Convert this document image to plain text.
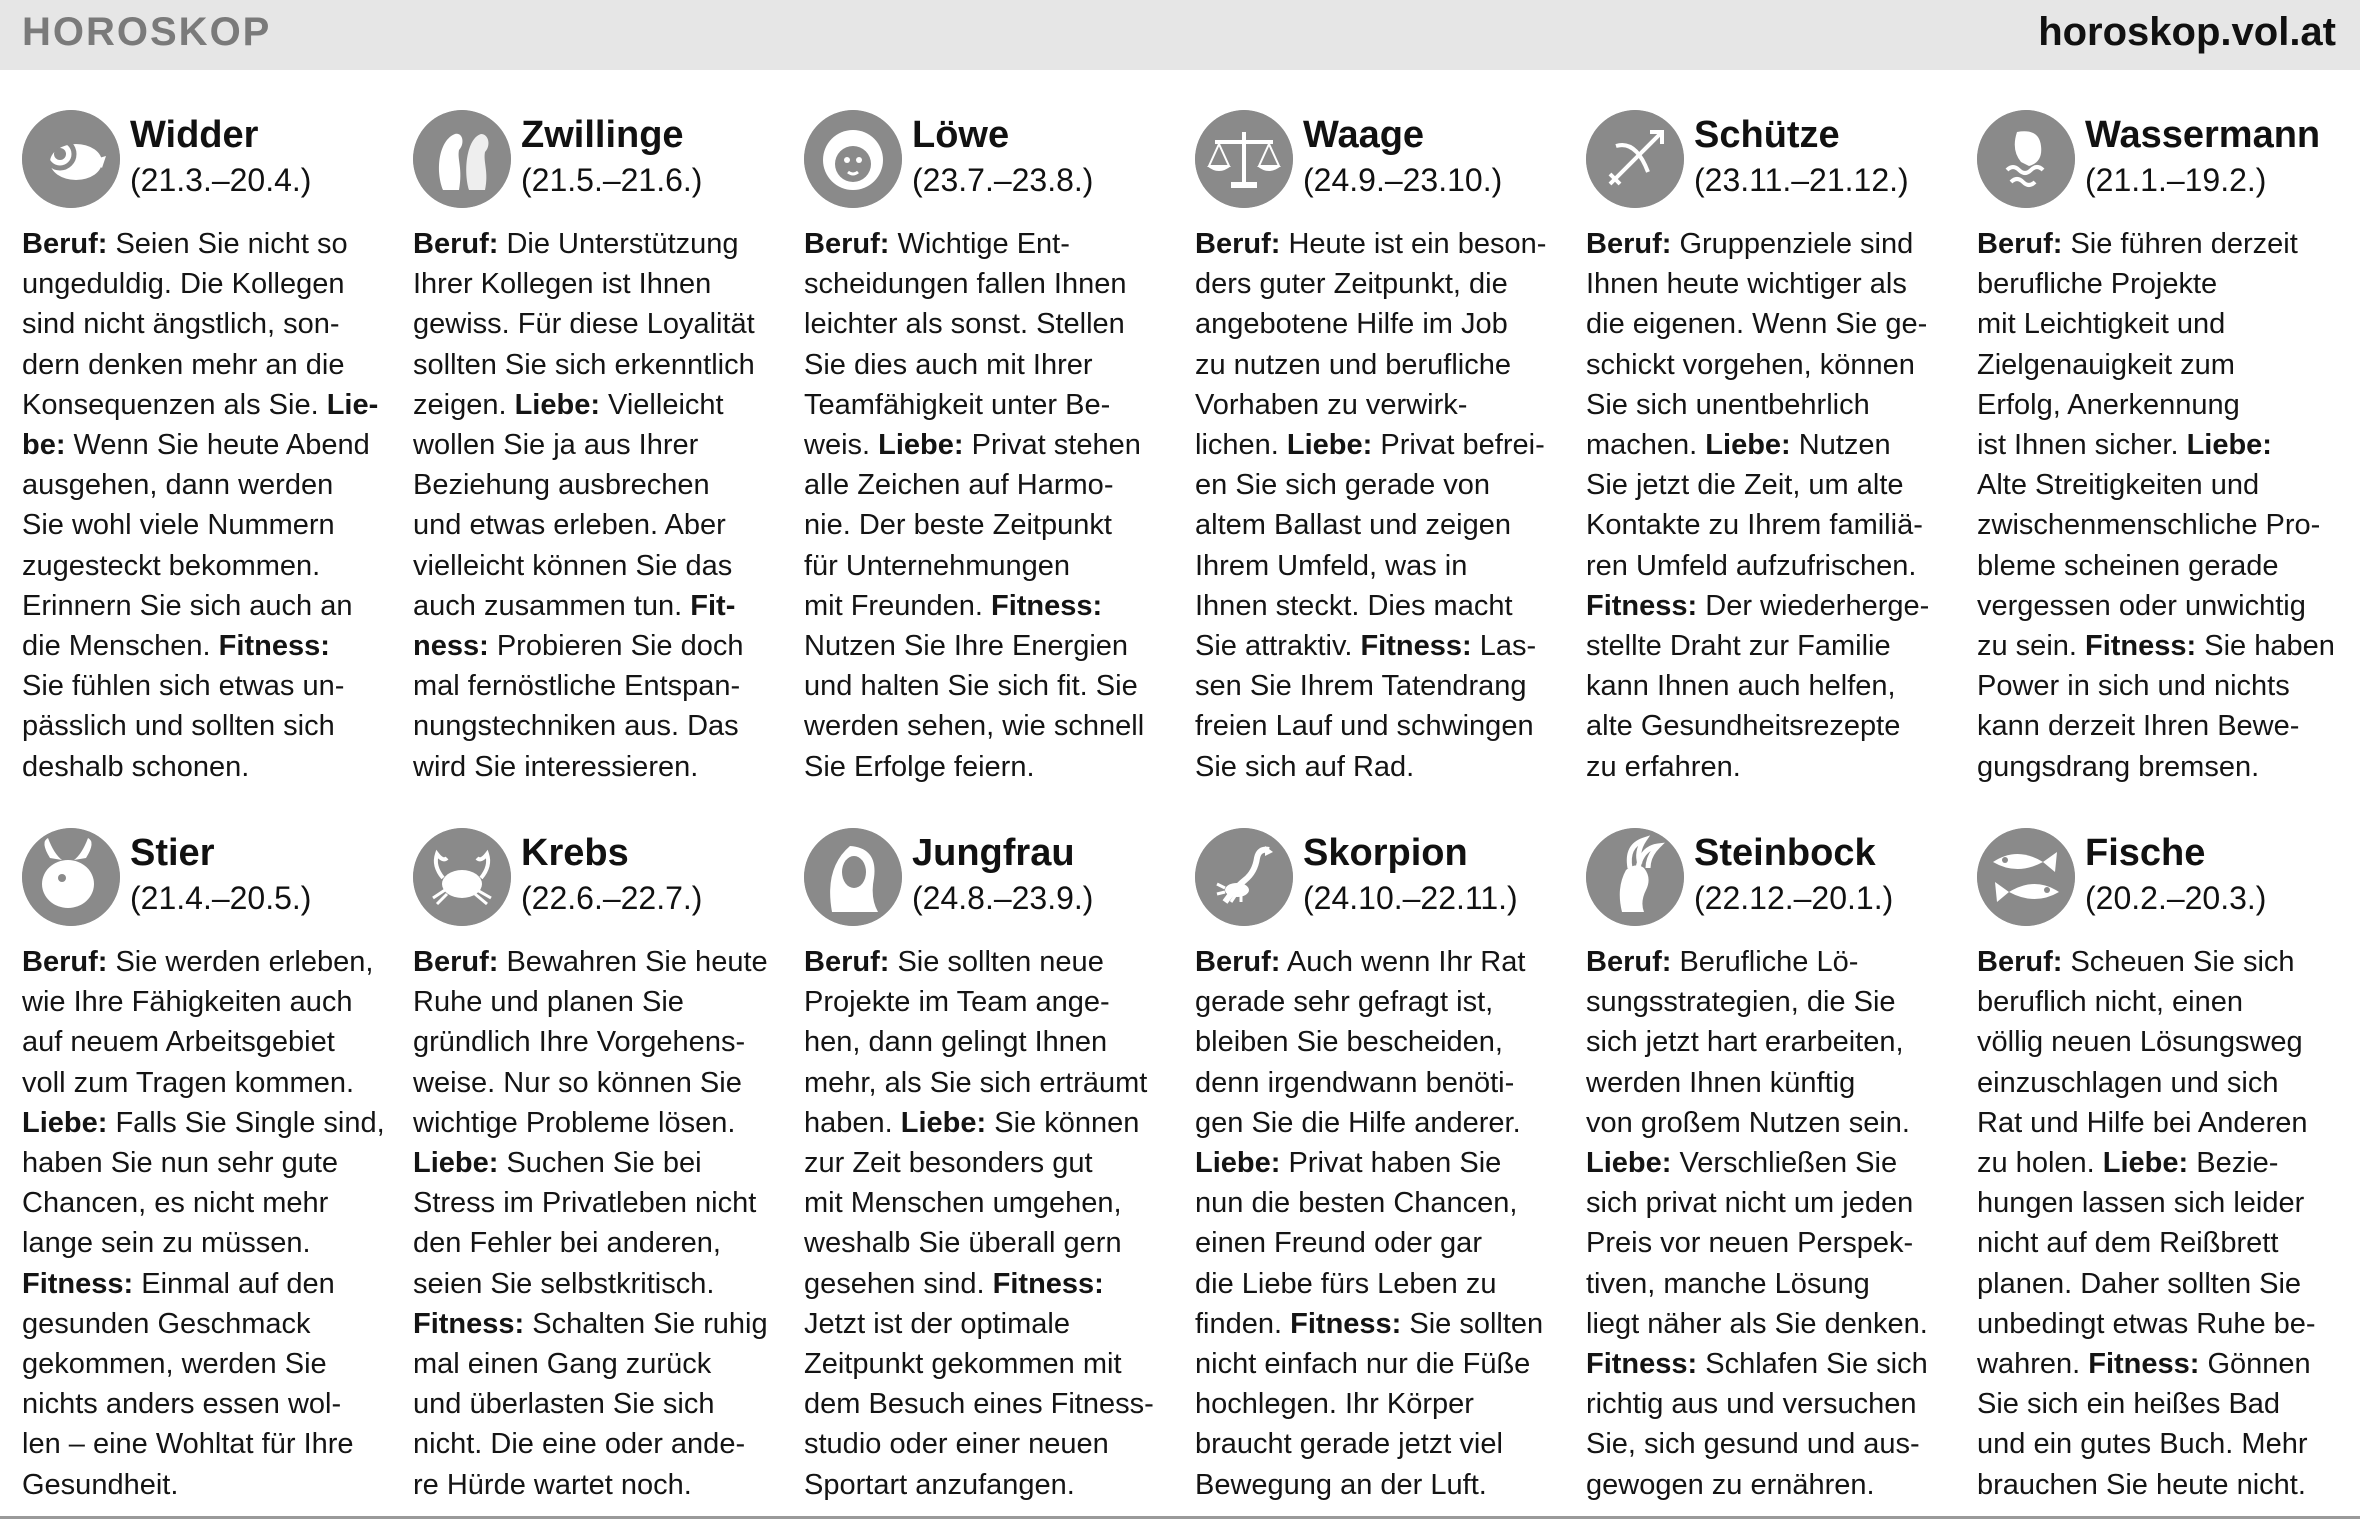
HOROSKOP	horoskop.vol.at
Widder
(21.3.–20.4.)
Beruf: Seien Sie nicht so
ungeduldig. Die Kollegen
sind nicht ängstlich, son-
dern denken mehr an die
Konsequenzen als Sie. Lie-
be: Wenn Sie heute Abend
ausgehen, dann werden
Sie wohl viele Nummern
zugesteckt bekommen.
Erinnern Sie sich auch an
die Menschen. Fitness:
Sie fühlen sich etwas un-
pässlich und sollten sich
deshalb schonen.
Zwillinge
(21.5.–21.6.)
Beruf: Die Unterstützung
Ihrer Kollegen ist Ihnen
gewiss. Für diese Loyalität
sollten Sie sich erkenntlich
zeigen. Liebe: Vielleicht
wollen Sie ja aus Ihrer
Beziehung ausbrechen
und etwas erleben. Aber
vielleicht können Sie das
auch zusammen tun. Fit-
ness: Probieren Sie doch
mal fernöstliche Entspan-
nungstechniken aus. Das
wird Sie interessieren.
Löwe
(23.7.–23.8.)
Beruf: Wichtige Ent-
scheidungen fallen Ihnen
leichter als sonst. Stellen
Sie dies auch mit Ihrer
Teamfähigkeit unter Be-
weis. Liebe: Privat stehen
alle Zeichen auf Harmo-
nie. Der beste Zeitpunkt
für Unternehmungen
mit Freunden. Fitness:
Nutzen Sie Ihre Energien
und halten Sie sich fit. Sie
werden sehen, wie schnell
Sie Erfolge feiern.
Waage
(24.9.–23.10.)
Beruf: Heute ist ein beson-
ders guter Zeitpunkt, die
angebotene Hilfe im Job
zu nutzen und berufliche
Vorhaben zu verwirk-
lichen. Liebe: Privat befrei-
en Sie sich gerade von
altem Ballast und zeigen
Ihrem Umfeld, was in
Ihnen steckt. Dies macht
Sie attraktiv. Fitness: Las-
sen Sie Ihrem Tatendrang
freien Lauf und schwingen
Sie sich auf Rad.
Schütze
(23.11.–21.12.)
Beruf: Gruppenziele sind
Ihnen heute wichtiger als
die eigenen. Wenn Sie ge-
schickt vorgehen, können
Sie sich unentbehrlich
machen. Liebe: Nutzen
Sie jetzt die Zeit, um alte
Kontakte zu Ihrem familiä-
ren Umfeld aufzufrischen.
Fitness: Der wiederherge-
stellte Draht zur Familie
kann Ihnen auch helfen,
alte Gesundheitsrezepte
zu erfahren.
Wassermann
(21.1.–19.2.)
Beruf: Sie führen derzeit
berufliche Projekte
mit Leichtigkeit und
Zielgenauigkeit zum
Erfolg, Anerkennung
ist Ihnen sicher. Liebe:
Alte Streitigkeiten und
zwischenmenschliche Pro-
bleme scheinen gerade
vergessen oder unwichtig
zu sein. Fitness: Sie haben
Power in sich und nichts
kann derzeit Ihren Bewe-
gungsdrang bremsen.
Stier
(21.4.–20.5.)
Beruf: Sie werden erleben,
wie Ihre Fähigkeiten auch
auf neuem Arbeitsgebiet
voll zum Tragen kommen.
Liebe: Falls Sie Single sind,
haben Sie nun sehr gute
Chancen, es nicht mehr
lange sein zu müssen.
Fitness: Einmal auf den
gesunden Geschmack
gekommen, werden Sie
nichts anders essen wol-
len – eine Wohltat für Ihre
Gesundheit.
Krebs
(22.6.–22.7.)
Beruf: Bewahren Sie heute
Ruhe und planen Sie
gründlich Ihre Vorgehens-
weise. Nur so können Sie
wichtige Probleme lösen.
Liebe: Suchen Sie bei
Stress im Privatleben nicht
den Fehler bei anderen,
seien Sie selbstkritisch.
Fitness: Schalten Sie ruhig
mal einen Gang zurück
und überlasten Sie sich
nicht. Die eine oder ande-
re Hürde wartet noch.
Jungfrau
(24.8.–23.9.)
Beruf: Sie sollten neue
Projekte im Team ange-
hen, dann gelingt Ihnen
mehr, als Sie sich erträumt
haben. Liebe: Sie können
zur Zeit besonders gut
mit Menschen umgehen,
weshalb Sie überall gern
gesehen sind. Fitness:
Jetzt ist der optimale
Zeitpunkt gekommen mit
dem Besuch eines Fitness-
studio oder einer neuen
Sportart anzufangen.
Skorpion
(24.10.–22.11.)
Beruf: Auch wenn Ihr Rat
gerade sehr gefragt ist,
bleiben Sie bescheiden,
denn irgendwann benöti-
gen Sie die Hilfe anderer.
Liebe: Privat haben Sie
nun die besten Chancen,
einen Freund oder gar
die Liebe fürs Leben zu
finden. Fitness: Sie sollten
nicht einfach nur die Füße
hochlegen. Ihr Körper
braucht gerade jetzt viel
Bewegung an der Luft.
Steinbock
(22.12.–20.1.)
Beruf: Berufliche Lö-
sungsstrategien, die Sie
sich jetzt hart erarbeiten,
werden Ihnen künftig
von großem Nutzen sein.
Liebe: Verschließen Sie
sich privat nicht um jeden
Preis vor neuen Perspek-
tiven, manche Lösung
liegt näher als Sie denken.
Fitness: Schlafen Sie sich
richtig aus und versuchen
Sie, sich gesund und aus-
gewogen zu ernähren.
Fische
(20.2.–20.3.)
Beruf: Scheuen Sie sich
beruflich nicht, einen
völlig neuen Lösungsweg
einzuschlagen und sich
Rat und Hilfe bei Anderen
zu holen. Liebe: Bezie-
hungen lassen sich leider
nicht auf dem Reißbrett
planen. Daher sollten Sie
unbedingt etwas Ruhe be-
wahren. Fitness: Gönnen
Sie sich ein heißes Bad
und ein gutes Buch. Mehr
brauchen Sie heute nicht.
